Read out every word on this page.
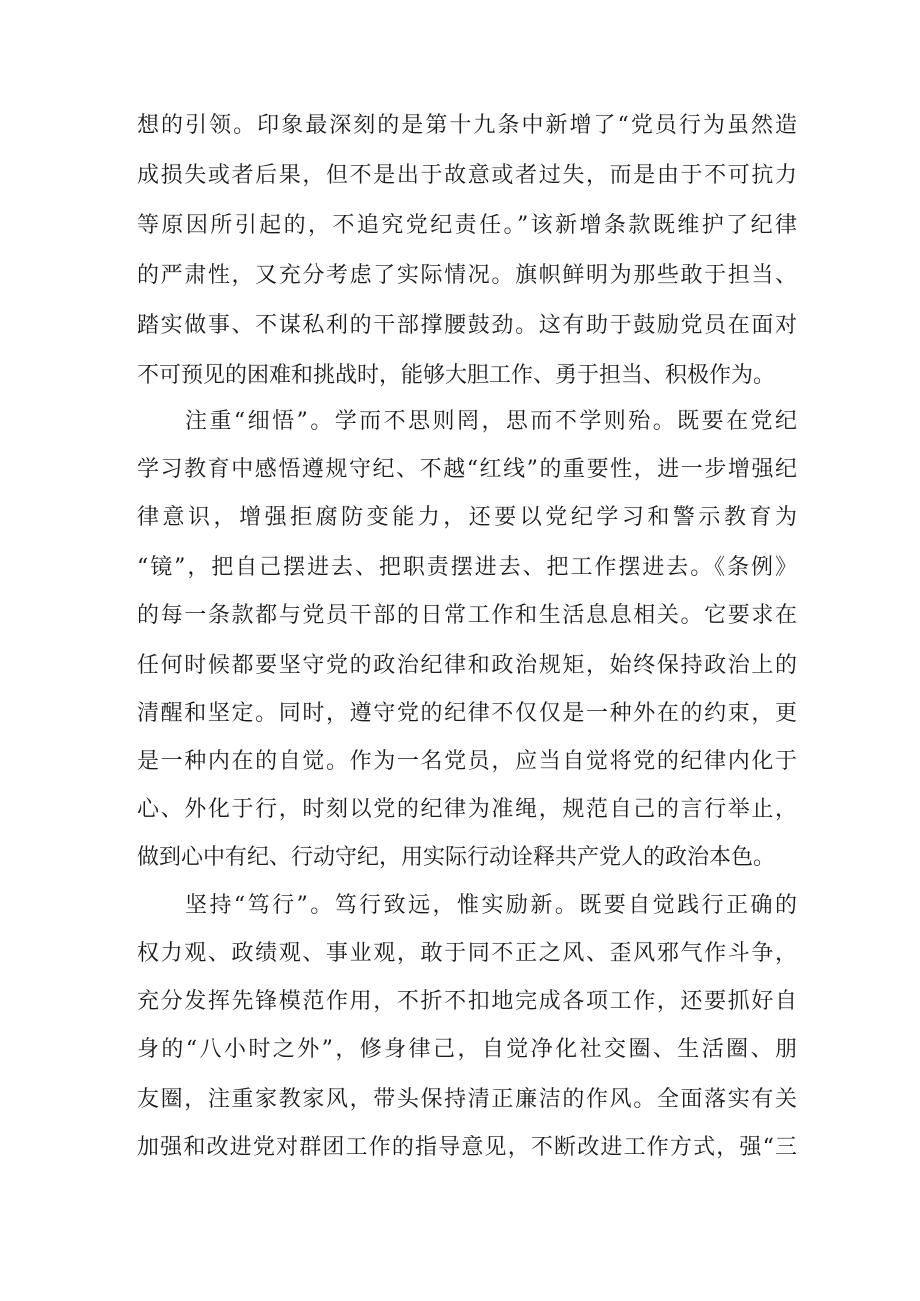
想的引领。印象最深刻的是第十九条中新增了“党员行为虽然造
成损失或者后果，但不是出于故意或者过失，而是由于不可抗力
等原因所引起的，不追究党纪责任。”该新增条款既维护了纪律
的严肃性，又充分考虑了实际情况。旗帜鲜明为那些敢于担当、
踏实做事、不谋私利的干部撑腰鼓劲。这有助于鼓励党员在面对
不可预见的困难和挑战时，能够大胆工作、勇于担当、积极作为。
注重“细悟”。学而不思则罔，思而不学则殆。既要在党纪
学习教育中感悟遵规守纪、不越“红线”的重要性，进一步增强纪
律意识，增强拒腐防变能力，还要以党纪学习和警示教育为
“镜”，把自己摆进去、把职责摆进去、把工作摆进去。《条例》
的每一条款都与党员干部的日常工作和生活息息相关。它要求在
任何时候都要坚守党的政治纪律和政治规矩，始终保持政治上的
清醒和坚定。同时，遵守党的纪律不仅仅是一种外在的约束，更
是一种内在的自觉。作为一名党员，应当自觉将党的纪律内化于
心、外化于行，时刻以党的纪律为准绳，规范自己的言行举止，
做到心中有纪、行动守纪，用实际行动诠释共产党人的政治本色。
坚持“笃行”。笃行致远，惟实励新。既要自觉践行正确的
权力观、政绩观、事业观，敢于同不正之风、歪风邪气作斗争，
充分发挥先锋模范作用，不折不扣地完成各项工作，还要抓好自
身的“八小时之外”，修身律己，自觉净化社交圈、生活圈、朋
友圈，注重家教家风，带头保持清正廉洁的作风。全面落实有关
加强和改进党对群团工作的指导意见，不断改进工作方式，强“三
